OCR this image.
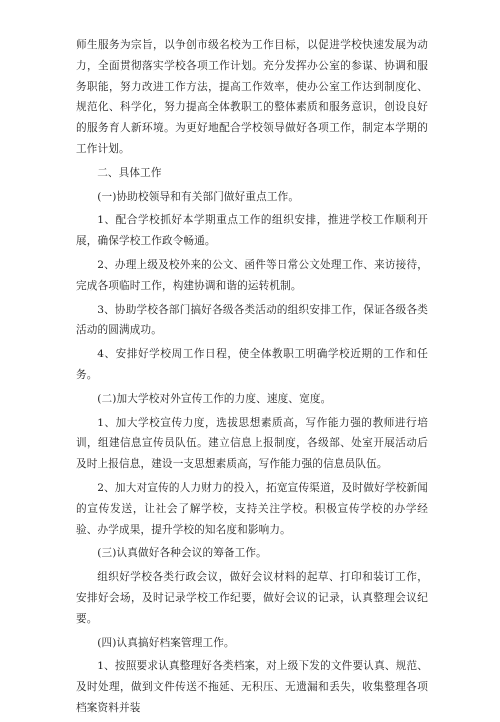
师生服务为宗旨，以争创市级名校为工作目标，以促进学校快速发展为动力，全面贯彻落实学校各项工作计划。充分发挥办公室的参谋、协调和服务职能，努力改进工作方法，提高工作效率，使办公室工作达到制度化、规范化、科学化，努力提高全体教职工的整体素质和服务意识，创设良好的服务育人新环境。为更好地配合学校领导做好各项工作，制定本学期的工作计划。

二、具体工作

(一)协助校领导和有关部门做好重点工作。

1、配合学校抓好本学期重点工作的组织安排，推进学校工作顺利开展，确保学校工作政令畅通。

2、办理上级及校外来的公文、函件等日常公文处理工作、来访接待，完成各项临时工作，构建协调和谐的运转机制。

3、协助学校各部门搞好各级各类活动的组织安排工作，保证各级各类活动的圆满成功。

4、安排好学校周工作日程，使全体教职工明确学校近期的工作和任务。

(二)加大学校对外宣传工作的力度、速度、宽度。

1、加大学校宣传力度，选拔思想素质高，写作能力强的教师进行培训，组建信息宣传员队伍。建立信息上报制度，各级部、处室开展活动后及时上报信息，建设一支思想素质高，写作能力强的信息员队伍。

2、加大对宣传的人力财力的投入，拓宽宣传渠道，及时做好学校新闻的宣传发送，让社会了解学校，支持关注学校。积极宣传学校的办学经验、办学成果，提升学校的知名度和影响力。

(三)认真做好各种会议的筹备工作。

组织好学校各类行政会议，做好会议材料的起草、打印和装订工作，安排好会场，及时记录学校工作纪要，做好会议的记录，认真整理会议纪要。

(四)认真搞好档案管理工作。

1、按照要求认真整理好各类档案，对上级下发的文件要认真、规范、及时处理，做到文件传送不拖延、无积压、无遗漏和丢失，收集整理各项档案资料并装
